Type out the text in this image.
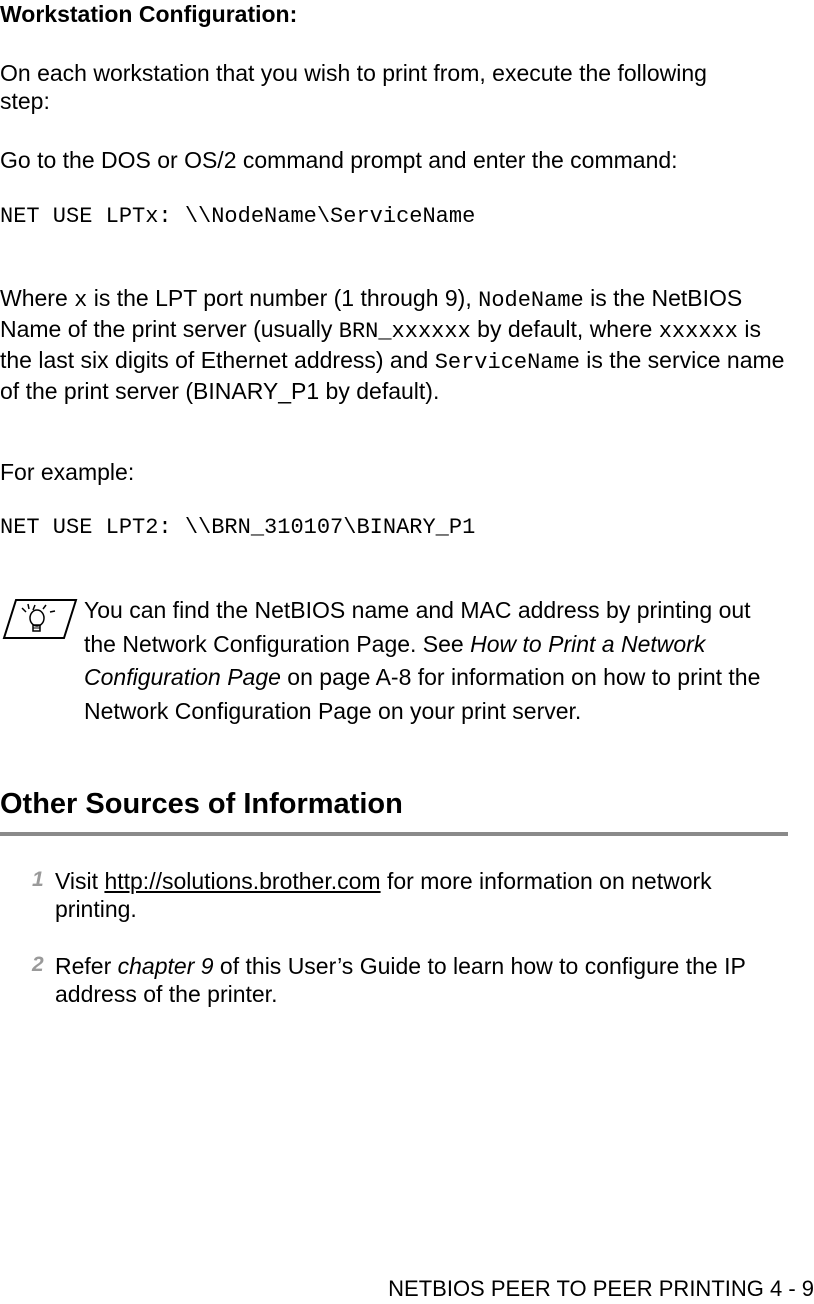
Workstation Configuration:
On each workstation that you wish to print from, execute the following step:
Go to the DOS or OS/2 command prompt and enter the command:
NET USE LPTx: \\NodeName\ServiceName
Where x is the LPT port number (1 through 9), NodeName is the NetBIOS Name of the print server (usually BRN_xxxxxx by default, where xxxxxx is the last six digits of Ethernet address) and ServiceName is the service name of the print server (BINARY_P1 by default).
For example:
NET USE LPT2: \\BRN_310107\BINARY_P1
You can find the NetBIOS name and MAC address by printing out the Network Configuration Page. See How to Print a Network Configuration Page on page A-8 for information on how to print the Network Configuration Page on your print server.
Other Sources of Information
1 Visit http://solutions.brother.com for more information on network printing.
2 Refer chapter 9 of this User’s Guide to learn how to configure the IP address of the printer.
NETBIOS PEER TO PEER PRINTING 4 - 9
